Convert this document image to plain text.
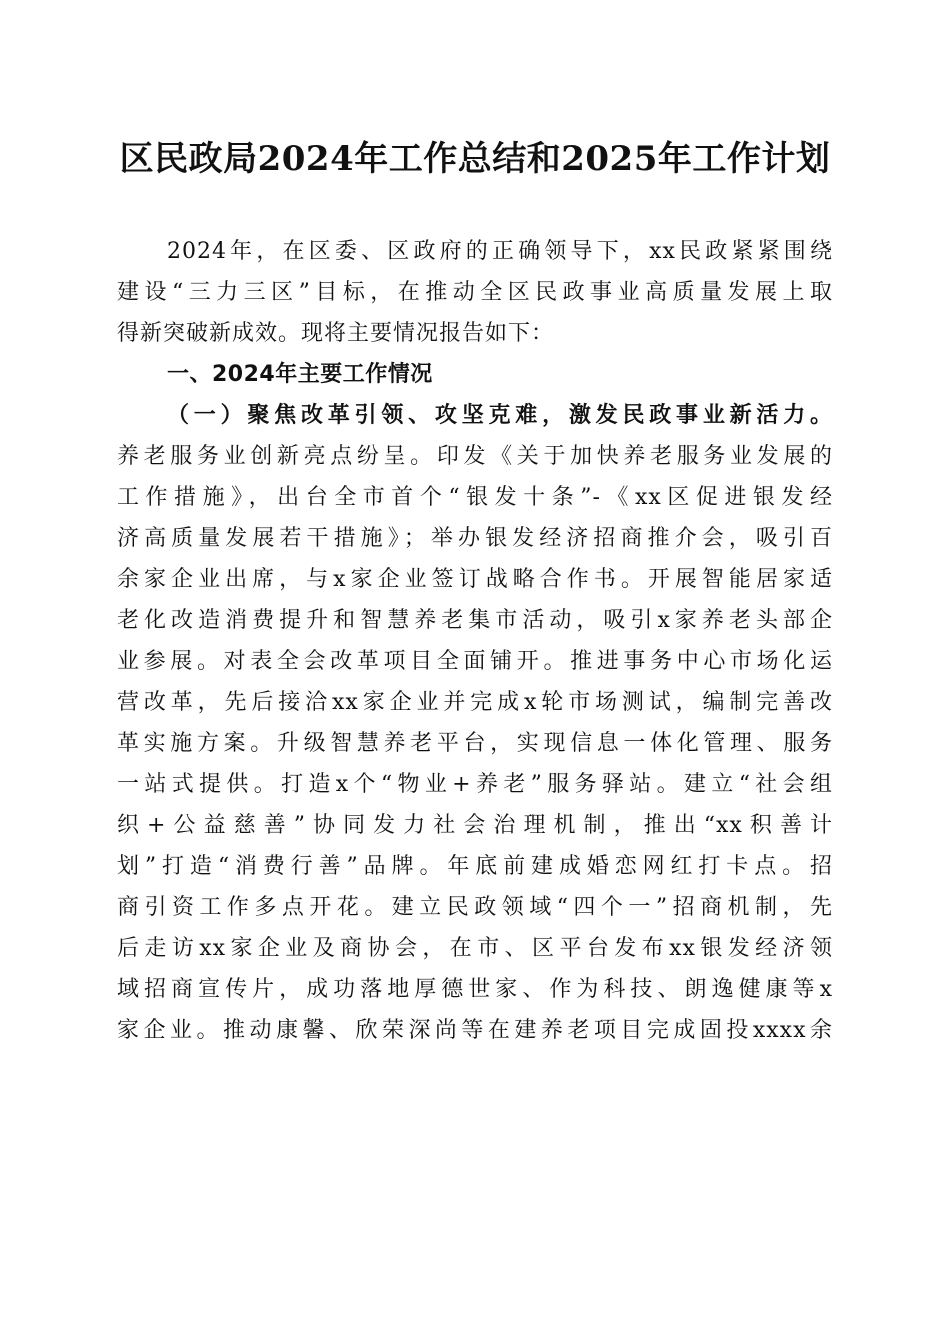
区民政局2024年工作总结和2025年工作计划
2024年，在区委、区政府的正确领导下，xx民政紧紧围绕
建设“三力三区”目标，在推动全区民政事业高质量发展上取
得新突破新成效。现将主要情况报告如下：
一、2024年主要工作情况
（一）聚焦改革引领、攻坚克难，激发民政事业新活力。
养老服务业创新亮点纷呈。印发《关于加快养老服务业发展的
工作措施》，出台全市首个“银发十条”-《xx区促进银发经
济高质量发展若干措施》；举办银发经济招商推介会，吸引百
余家企业出席，与x家企业签订战略合作书。开展智能居家适
老化改造消费提升和智慧养老集市活动，吸引x家养老头部企
业参展。对表全会改革项目全面铺开。推进事务中心市场化运
营改革，先后接洽xx家企业并完成x轮市场测试，编制完善改
革实施方案。升级智慧养老平台，实现信息一体化管理、服务
一站式提供。打造x个“物业+养老”服务驿站。建立“社会组
织+公益慈善”协同发力社会治理机制，推出“xx积善计
划”打造“消费行善”品牌。年底前建成婚恋网红打卡点。招
商引资工作多点开花。建立民政领域“四个一”招商机制，先
后走访xx家企业及商协会，在市、区平台发布xx银发经济领
域招商宣传片，成功落地厚德世家、作为科技、朗逸健康等x
家企业。推动康馨、欣荣深尚等在建养老项目完成固投xxxx余
